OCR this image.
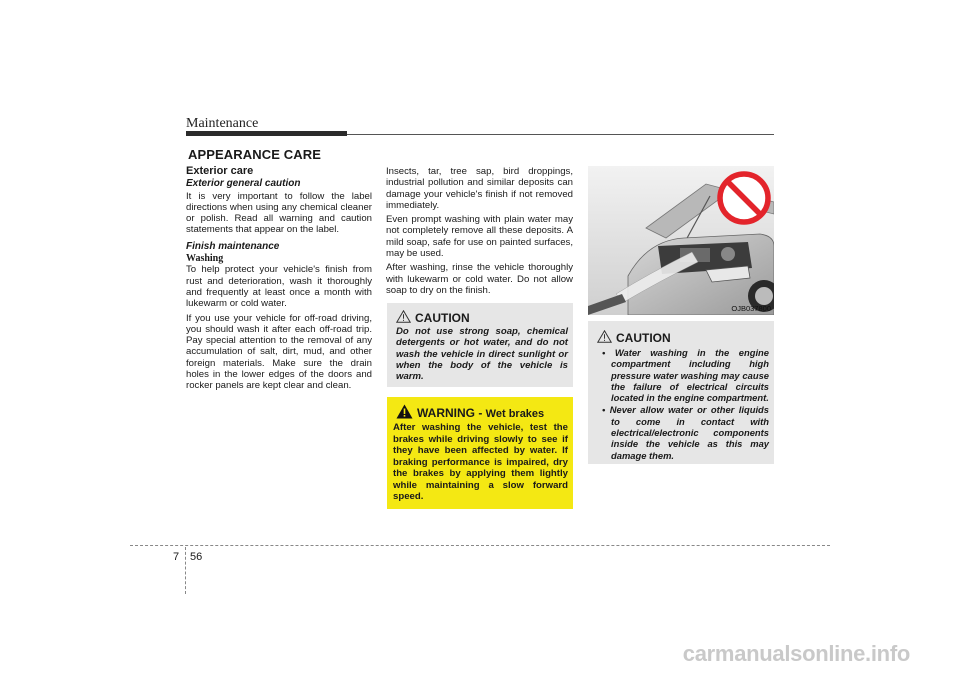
Maintenance
APPEARANCE CARE
Exterior care
Exterior general caution

It is very important to follow the label directions when using any chemical cleaner or polish. Read all warning and caution statements that appear on the label.

Finish maintenance
Washing

To help protect your vehicle's finish from rust and deterioration, wash it thoroughly and frequently at least once a month with lukewarm or cold water.

If you use your vehicle for off-road driving, you should wash it after each off-road trip. Pay special attention to the removal of any accumulation of salt, dirt, mud, and other foreign materials. Make sure the drain holes in the lower edges of the doors and rocker panels are kept clear and clean.

Insects, tar, tree sap, bird droppings, industrial pollution and similar deposits can damage your vehicle's finish if not removed immediately.

Even prompt washing with plain water may not completely remove all these deposits. A mild soap, safe for use on painted surfaces, may be used.

After washing, rinse the vehicle thoroughly with lukewarm or cold water. Do not allow soap to dry on the finish.

CAUTION
Do not use strong soap, chemical detergents or hot water, and do not wash the vehicle in direct sunlight or when the body of the vehicle is warm.
WARNING - Wet brakes
After washing the vehicle, test the brakes while driving slowly to see if they have been affected by water. If braking performance is impaired, dry the brakes by applying them lightly while maintaining a slow forward speed.
OJB037800
CAUTION
• Water washing in the engine compartment including high pressure water washing may cause the failure of electrical circuits located in the engine compartment.
• Never allow water or other liquids to come in contact with electrical/electronic components inside the vehicle as this may damage them.
7 56
carmanualsonline.info
